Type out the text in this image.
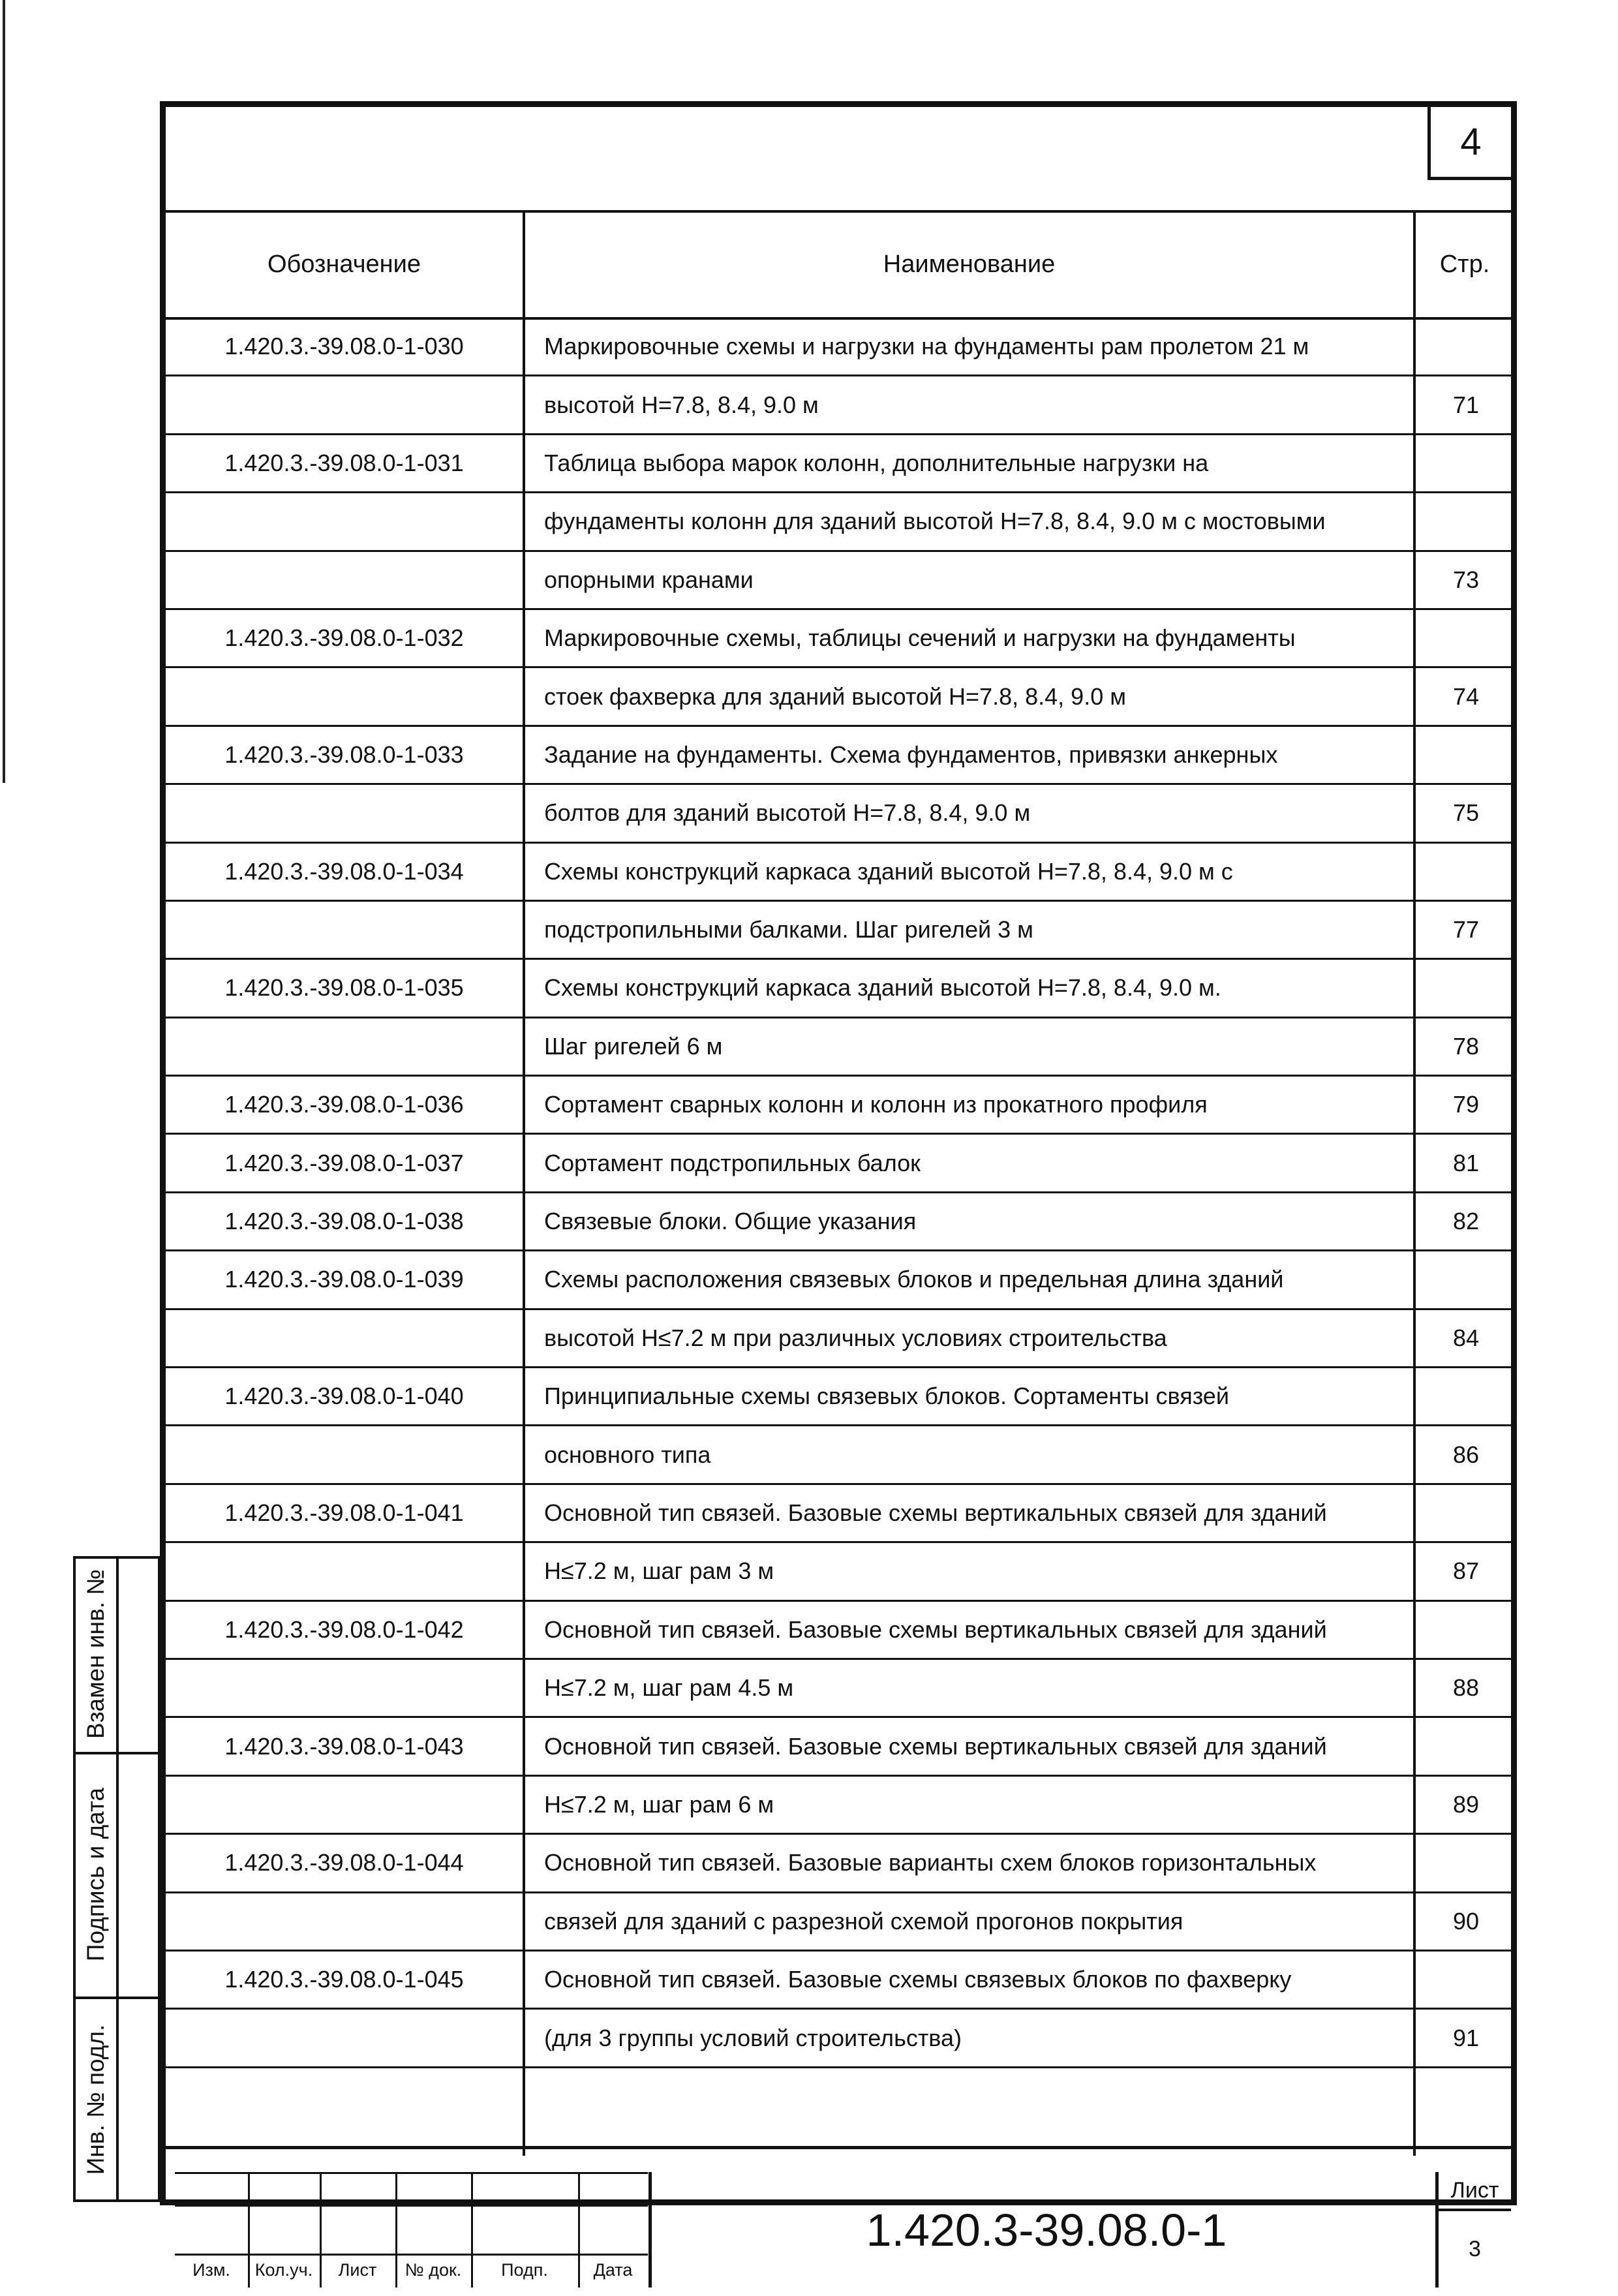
4
Обозначение	Наименование	Стр.
1.420.3.-39.08.0-1-030	Маркировочные схемы и нагрузки на фундаменты рам пролетом 21 м
высотой Н=7.8, 8.4, 9.0 м	71
1.420.3.-39.08.0-1-031	Таблица выбора марок колонн, дополнительные нагрузки на
фундаменты колонн для зданий высотой Н=7.8, 8.4, 9.0 м с мостовыми
опорными кранами	73
1.420.3.-39.08.0-1-032	Маркировочные схемы, таблицы сечений и нагрузки на фундаменты
стоек фахверка для зданий высотой Н=7.8, 8.4, 9.0 м	74
1.420.3.-39.08.0-1-033	Задание на фундаменты. Схема фундаментов, привязки анкерных
болтов для зданий высотой Н=7.8, 8.4, 9.0 м	75
1.420.3.-39.08.0-1-034	Схемы конструкций каркаса зданий высотой Н=7.8, 8.4, 9.0 м с
подстропильными балками. Шаг ригелей 3 м	77
1.420.3.-39.08.0-1-035	Схемы конструкций каркаса зданий высотой Н=7.8, 8.4, 9.0 м.
Шаг ригелей 6 м	78
1.420.3.-39.08.0-1-036	Сортамент сварных колонн и колонн из прокатного профиля	79
1.420.3.-39.08.0-1-037	Сортамент подстропильных балок	81
1.420.3.-39.08.0-1-038	Связевые блоки. Общие указания	82
1.420.3.-39.08.0-1-039	Схемы расположения связевых блоков и предельная длина зданий
высотой Н≤7.2 м при различных условиях строительства	84
1.420.3.-39.08.0-1-040	Принципиальные схемы связевых блоков. Сортаменты связей
основного типа	86
1.420.3.-39.08.0-1-041	Основной тип связей. Базовые схемы вертикальных связей для зданий
Н≤7.2 м, шаг рам 3 м	87
1.420.3.-39.08.0-1-042	Основной тип связей. Базовые схемы вертикальных связей для зданий
Н≤7.2 м, шаг рам 4.5 м	88
1.420.3.-39.08.0-1-043	Основной тип связей. Базовые схемы вертикальных связей для зданий
Н≤7.2 м, шаг рам 6 м	89
1.420.3.-39.08.0-1-044	Основной тип связей. Базовые варианты схем блоков горизонтальных
связей для зданий с разрезной схемой прогонов покрытия	90
1.420.3.-39.08.0-1-045	Основной тип связей. Базовые схемы связевых блоков по фахверку
(для 3 группы условий строительства)	91
Изм.	Кол.уч.	Лист	№ док.	Подп.	Дата
1.420.3-39.08.0-1
Лист
3
Взамен инв. №
Подпись и дата
Инв. № подл.
